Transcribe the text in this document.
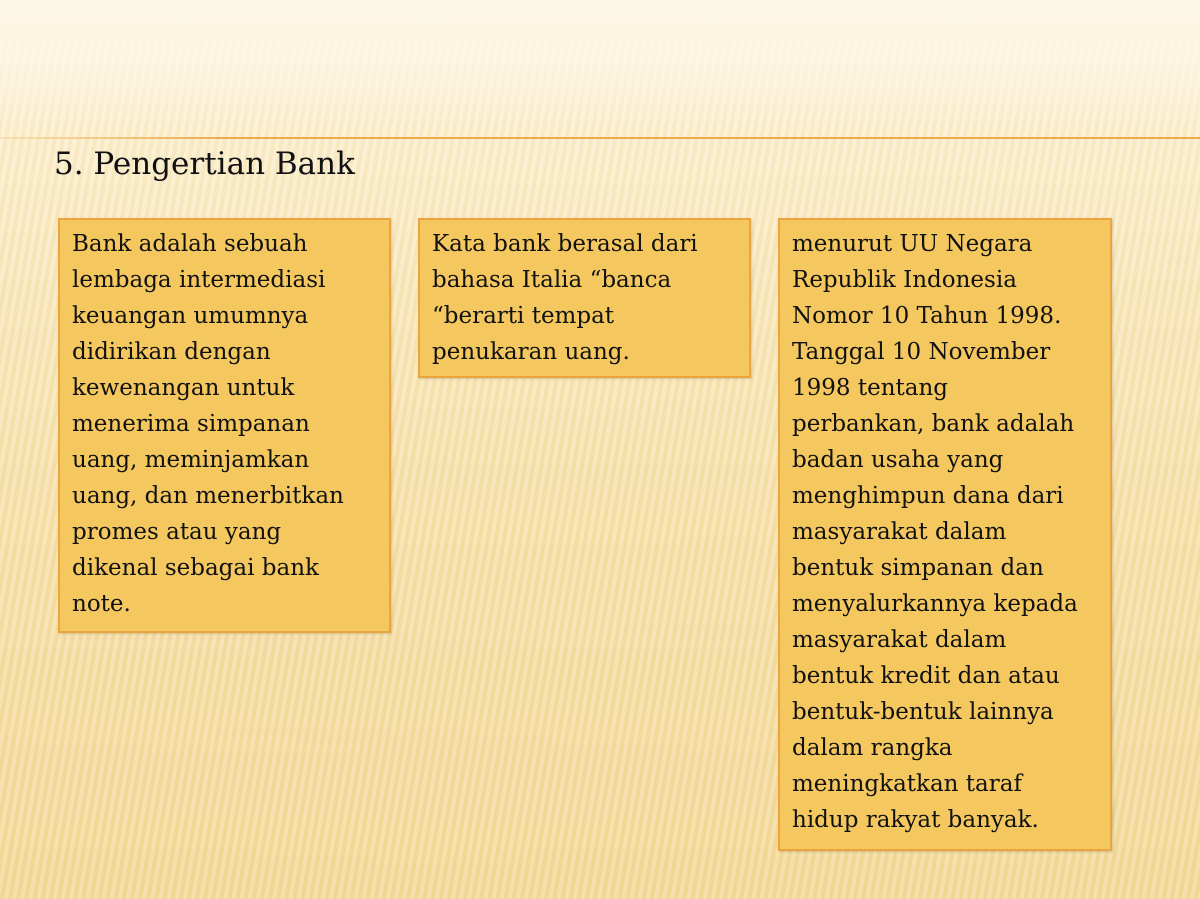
5. Pengertian Bank
Bank adalah sebuah
lembaga intermediasi
keuangan umumnya
didirikan dengan
kewenangan untuk
menerima simpanan
uang, meminjamkan
uang, dan menerbitkan
promes atau yang
dikenal sebagai bank
note.
Kata bank berasal dari
bahasa Italia “banca
“berarti tempat
penukaran uang.
menurut UU Negara
Republik Indonesia
Nomor 10 Tahun 1998.
Tanggal 10 November
1998 tentang
perbankan, bank adalah
badan usaha yang
menghimpun dana dari
masyarakat dalam
bentuk simpanan dan
menyalurkannya kepada
masyarakat dalam
bentuk kredit dan atau
bentuk-bentuk lainnya
dalam rangka
meningkatkan taraf
hidup rakyat banyak.
